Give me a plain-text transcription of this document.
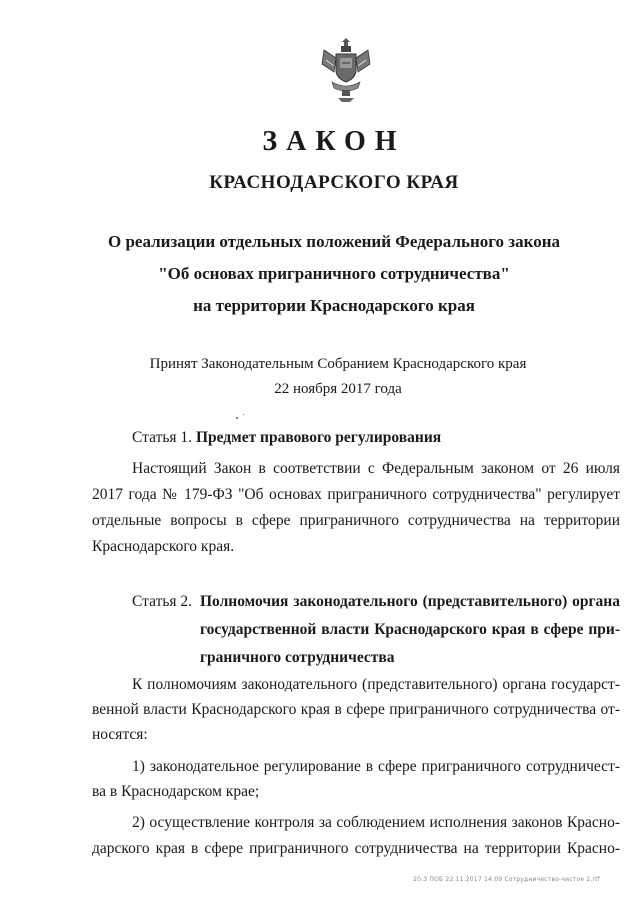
ЗАКОН
КРАСНОДАРСКОГО КРАЯ
О реализации отдельных положений Федерального закона
"Об основах приграничного сотрудничества"
на территории Краснодарского края
Принят Законодательным Собранием Краснодарского края
22 ноября 2017 года
Статья 1. Предмет правового регулирования
Настоящий Закон в соответствии с Федеральным законом от 26 июля
2017 года № 179-ФЗ "Об основах приграничного сотрудничества" регулирует
отдельные вопросы в сфере приграничного сотрудничества на территории
Краснодарского края.
Статья 2. Полномочия законодательного (представительного) органа
государственной власти Краснодарского края в сфере при-
граничного сотрудничества
К полномочиям законодательного (представительного) органа государст-
венной власти Краснодарского края в сфере приграничного сотрудничества от-
носятся:
1) законодательное регулирование в сфере приграничного сотрудничест-
ва в Краснодарском крае;
2) осуществление контроля за соблюдением исполнения законов Красно-
дарского края в сфере приграничного сотрудничества на территории Красно-
20.3 ПОБ 22.11.2017 14:09 Сотрудничество-чистое 2.rtf
